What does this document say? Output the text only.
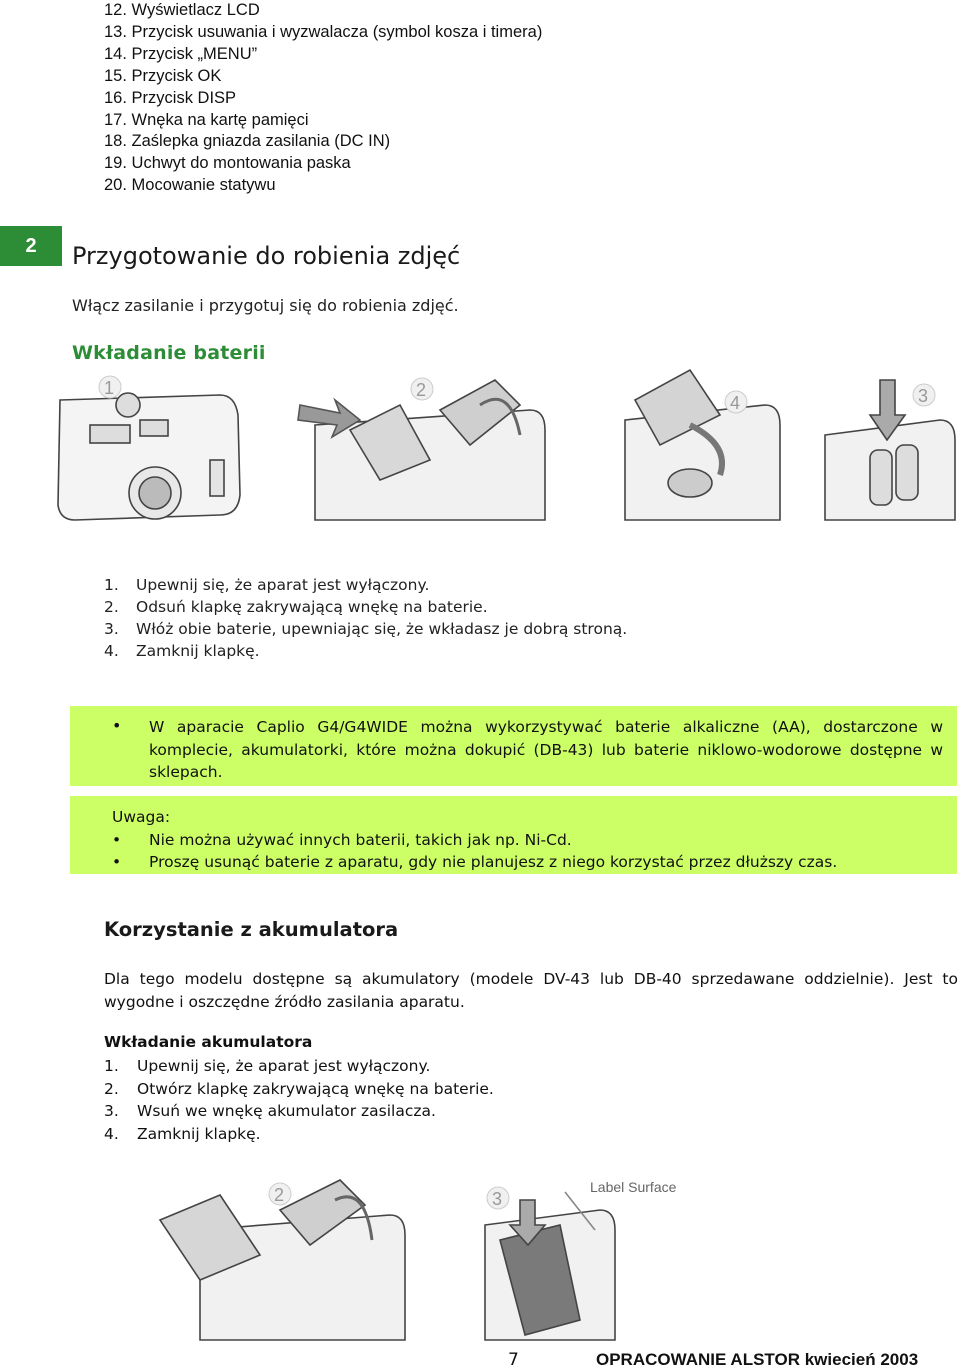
12. Wyświetlacz LCD
13. Przycisk usuwania i wyzwalacza (symbol kosza i timera)
14. Przycisk „MENU”
15. Przycisk OK
16. Przycisk DISP
17. Wnęka na kartę pamięci
18. Zaślepka gniazda zasilania (DC IN)
19. Uchwyt do montowania paska
20. Mocowanie statywu
2 Przygotowanie do robienia zdjęć
Włącz zasilanie i przygotuj się do robienia zdjęć.
Wkładanie baterii
1	2
4	3
1. Upewnij się, że aparat jest wyłączony.
2. Odsuń klapkę zakrywającą wnękę na baterie.
3. Włóż obie baterie, upewniając się, że wkładasz je dobrą stroną.
4. Zamknij klapkę.
• W aparacie Caplio G4/G4WIDE można wykorzystywać baterie alkaliczne (AA), dostarczone w komplecie, akumulatorki, które można dokupić (DB-43) lub baterie niklowo-wodorowe dostępne w sklepach.
Uwaga:
• Nie można używać innych baterii, takich jak np. Ni-Cd.
• Proszę usunąć baterie z aparatu, gdy nie planujesz z niego korzystać przez dłuższy czas.
Korzystanie z akumulatora
Dla tego modelu dostępne są akumulatory (modele DV-43 lub DB-40 sprzedawane oddzielnie). Jest to wygodne i oszczędne źródło zasilania aparatu.
Wkładanie akumulatora
1. Upewnij się, że aparat jest wyłączony.
2. Otwórz klapkę zakrywającą wnękę na baterie.
3. Wsuń we wnękę akumulator zasilacza.
4. Zamknij klapkę.
2	3
Label Surface
7	OPRACOWANIE ALSTOR kwiecień 2003
